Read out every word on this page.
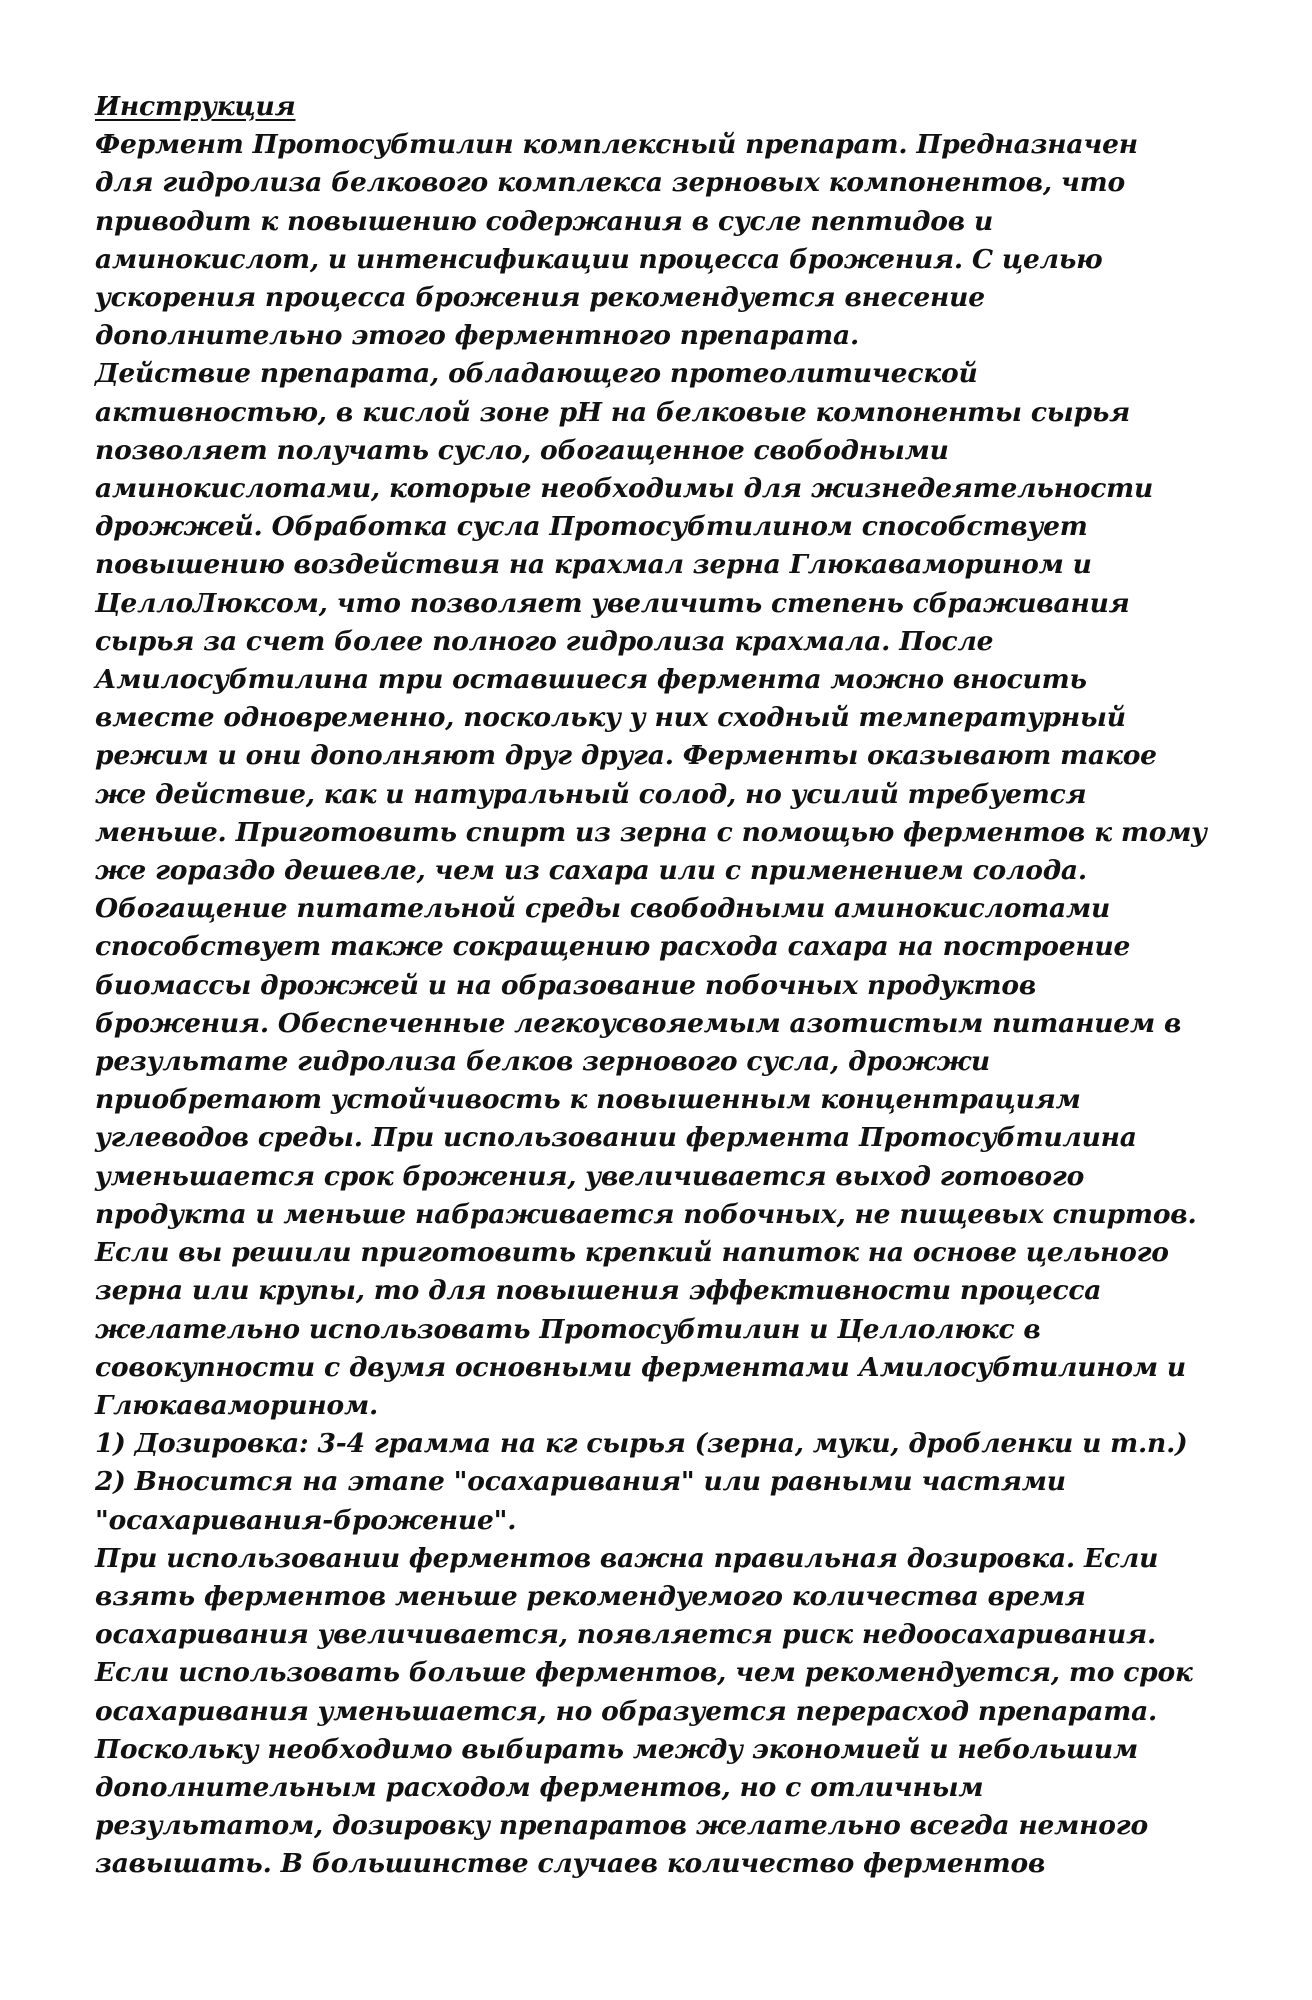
Инструкция
Фермент Протосубтилин комплексный препарат. Предназначен
для гидролиза белкового комплекса зерновых компонентов, что
приводит к повышению содержания в сусле пептидов и
аминокислот, и интенсификации процесса брожения. С целью
ускорения процесса брожения рекомендуется внесение
дополнительно этого ферментного препарата.
Действие препарата, обладающего протеолитической
активностью, в кислой зоне pH на белковые компоненты сырья
позволяет получать сусло, обогащенное свободными
аминокислотами, которые необходимы для жизнедеятельности
дрожжей. Обработка сусла Протосубтилином способствует
повышению воздействия на крахмал зерна Глюкаваморином и
ЦеллоЛюксом, что позволяет увеличить степень сбраживания
сырья за счет более полного гидролиза крахмала. После
Амилосубтилина три оставшиеся фермента можно вносить
вместе одновременно, поскольку у них сходный температурный
режим и они дополняют друг друга. Ферменты оказывают такое
же действие, как и натуральный солод, но усилий требуется
меньше. Приготовить спирт из зерна с помощью ферментов к тому
же гораздо дешевле, чем из сахара или с применением солода.
Обогащение питательной среды свободными аминокислотами
способствует также сокращению расхода сахара на построение
биомассы дрожжей и на образование побочных продуктов
брожения. Обеспеченные легкоусвояемым азотистым питанием в
результате гидролиза белков зернового сусла, дрожжи
приобретают устойчивость к повышенным концентрациям
углеводов среды. При использовании фермента Протосубтилина
уменьшается срок брожения, увеличивается выход готового
продукта и меньше набраживается побочных, не пищевых спиртов.
Если вы решили приготовить крепкий напиток на основе цельного
зерна или крупы, то для повышения эффективности процесса
желательно использовать Протосубтилин и Целлолюкс в
совокупности с двумя основными ферментами Амилосубтилином и
Глюкаваморином.
1) Дозировка: 3-4 грамма на кг сырья (зерна, муки, дробленки и т.п.)
2) Вносится на этапе "осахаривания" или равными частями
"осахаривания-брожение".
При использовании ферментов важна правильная дозировка. Если
взять ферментов меньше рекомендуемого количества время
осахаривания увеличивается, появляется риск недоосахаривания.
Если использовать больше ферментов, чем рекомендуется, то срок
осахаривания уменьшается, но образуется перерасход препарата.
Поскольку необходимо выбирать между экономией и небольшим
дополнительным расходом ферментов, но с отличным
результатом, дозировку препаратов желательно всегда немного
завышать. В большинстве случаев количество ферментов
